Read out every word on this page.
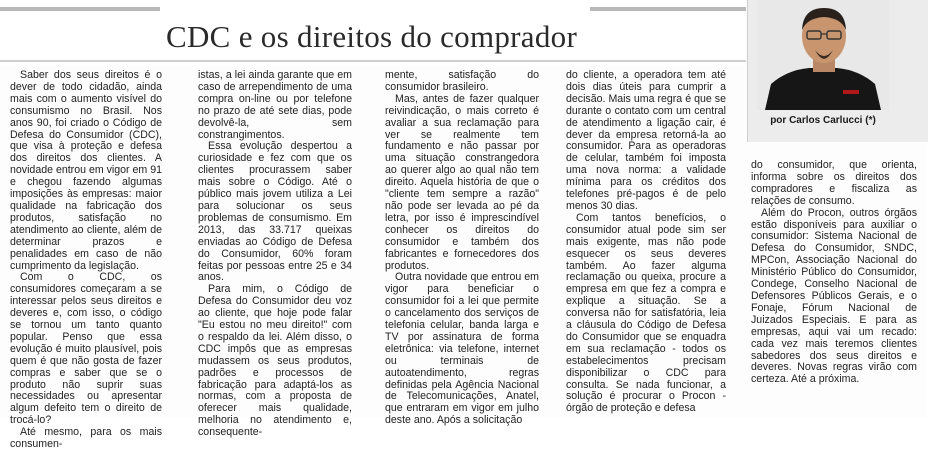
CDC e os direitos do comprador
por Carlos Carlucci (*)

Saber dos seus direitos é o dever de todo cidadão, ainda mais com o aumento visível do consumismo no Brasil. Nos anos 90, foi criado o Código de Defesa do Consumidor (CDC), que visa à proteção e defesa dos direitos dos clientes. A novidade entrou em vigor em 91 e chegou fazendo algumas imposições às empresas: maior qualidade na fabricação dos produtos, satisfação no atendimento ao cliente, além de determinar prazos e penalidades em caso de não cumprimento da legislação.

Com o CDC, os consumidores começaram a se interessar pelos seus direitos e deveres e, com isso, o código se tornou um tanto quanto popular. Penso que essa evolução é muito plausível, pois quem é que não gosta de fazer compras e saber que se o produto não suprir suas necessidades ou apresentar algum defeito tem o direito de trocá-lo?

Até mesmo, para os mais consumen-

istas, a lei ainda garante que em caso de arrependimento de uma compra on-line ou por telefone no prazo de até sete dias, pode devolvê-la, sem constrangimentos.

Essa evolução despertou a curiosidade e fez com que os clientes procurassem saber mais sobre o Código. Até o público mais jovem utiliza a Lei para solucionar os seus problemas de consumismo. Em 2013, das 33.717 queixas enviadas ao Código de Defesa do Consumidor, 60% foram feitas por pessoas entre 25 e 34 anos.

Para mim, o Código de Defesa do Consumidor deu voz ao cliente, que hoje pode falar "Eu estou no meu direito!" com o respaldo da lei. Além disso, o CDC impôs que as empresas mudassem os seus produtos, padrões e processos de fabricação para adaptá-los as normas, com a proposta de oferecer mais qualidade, melhoria no atendimento e, consequente-

mente, satisfação do consumidor brasileiro.

Mas, antes de fazer qualquer reivindicação, o mais correto é avaliar a sua reclamação para ver se realmente tem fundamento e não passar por uma situação constrangedora ao querer algo ao qual não tem direito. Aquela história de que o "cliente tem sempre a razão" não pode ser levada ao pé da letra, por isso é imprescindível conhecer os direitos do consumidor e também dos fabricantes e fornecedores dos produtos.

Outra novidade que entrou em vigor para beneficiar o consumidor foi a lei que permite o cancelamento dos serviços de telefonia celular, banda larga e TV por assinatura de forma eletrônica: via telefone, internet ou terminais de autoatendimento, regras definidas pela Agência Nacional de Telecomunicações, Anatel, que entraram em vigor em julho deste ano. Após a solicitação

do cliente, a operadora tem até dois dias úteis para cumprir a decisão. Mais uma regra é que se durante o contato com um central de atendimento a ligação cair, é dever da empresa retorná-la ao consumidor. Para as operadoras de celular, também foi imposta uma nova norma: a validade mínima para os créditos dos telefones pré-pagos é de pelo menos 30 dias.

Com tantos benefícios, o consumidor atual pode sim ser mais exigente, mas não pode esquecer os seus deveres também. Ao fazer alguma reclamação ou queixa, procure a empresa em que fez a compra e explique a situação. Se a conversa não for satisfatória, leia a cláusula do Código de Defesa do Consumidor que se enquadra em sua reclamação - todos os estabelecimentos precisam disponibilizar o CDC para consulta. Se nada funcionar, a solução é procurar o Procon - órgão de proteção e defesa

do consumidor, que orienta, informa sobre os direitos dos compradores e fiscaliza as relações de consumo.

Além do Procon, outros órgãos estão disponíveis para auxiliar o consumidor: Sistema Nacional de Defesa do Consumidor, SNDC, MPCon, Associação Nacional do Ministério Público do Consumidor, Condege, Conselho Nacional de Defensores Públicos Gerais, e o Fonaje, Fórum Nacional de Juizados Especiais. E para as empresas, aqui vai um recado: cada vez mais teremos clientes sabedores dos seus direitos e deveres. Novas regras virão com certeza. Até a próxima.
